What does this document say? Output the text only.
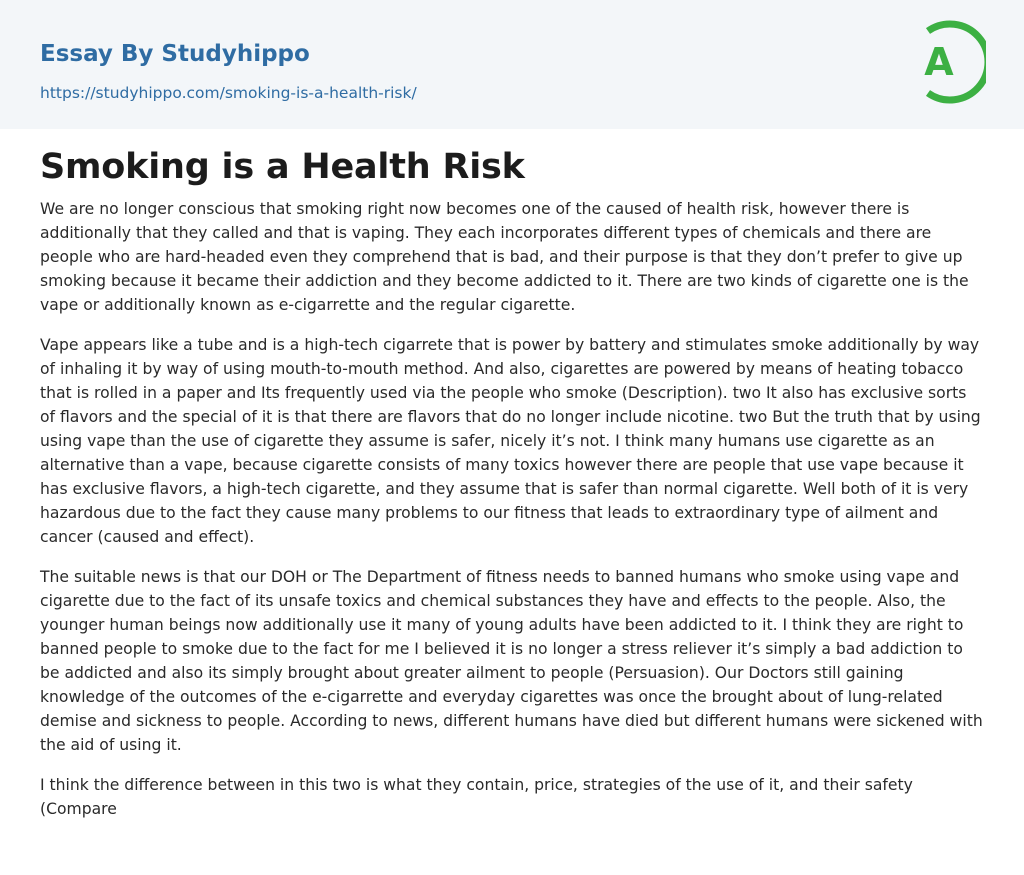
Essay By Studyhippo
https://studyhippo.com/smoking-is-a-health-risk/
A
Smoking is a Health Risk

We are no longer conscious that smoking right now becomes one of the caused of health risk, however there is additionally that they called and that is vaping. They each incorporates different types of chemicals and there are people who are hard-headed even they comprehend that is bad, and their purpose is that they don’t prefer to give up smoking because it became their addiction and they become addicted to it. There are two kinds of cigarette one is the vape or additionally known as e-cigarrette and the regular cigarette.

Vape appears like a tube and is a high-tech cigarrete that is power by battery and stimulates smoke additionally by way of inhaling it by way of using mouth-to-mouth method. And also, cigarettes are powered by means of heating tobacco that is rolled in a paper and Its frequently used via the people who smoke (Description). two It also has exclusive sorts of flavors and the special of it is that there are flavors that do no longer include nicotine. two But the truth that by using using vape than the use of cigarette they assume is safer, nicely it’s not. I think many humans use cigarette as an alternative than a vape, because cigarette consists of many toxics however there are people that use vape because it has exclusive flavors, a high-tech cigarette, and they assume that is safer than normal cigarette. Well both of it is very hazardous due to the fact they cause many problems to our fitness that leads to extraordinary type of ailment and cancer (caused and effect).

The suitable news is that our DOH or The Department of fitness needs to banned humans who smoke using vape and cigarette due to the fact of its unsafe toxics and chemical substances they have and effects to the people. Also, the younger human beings now additionally use it many of young adults have been addicted to it. I think they are right to banned people to smoke due to the fact for me I believed it is no longer a stress reliever it’s simply a bad addiction to be addicted and also its simply brought about greater ailment to people (Persuasion). Our Doctors still gaining knowledge of the outcomes of the e-cigarrette and everyday cigarettes was once the brought about of lung-related demise and sickness to people. According to news, different humans have died but different humans were sickened with the aid of using it.

I think the difference between in this two is what they contain, price, strategies of the use of it, and their safety (Compare
